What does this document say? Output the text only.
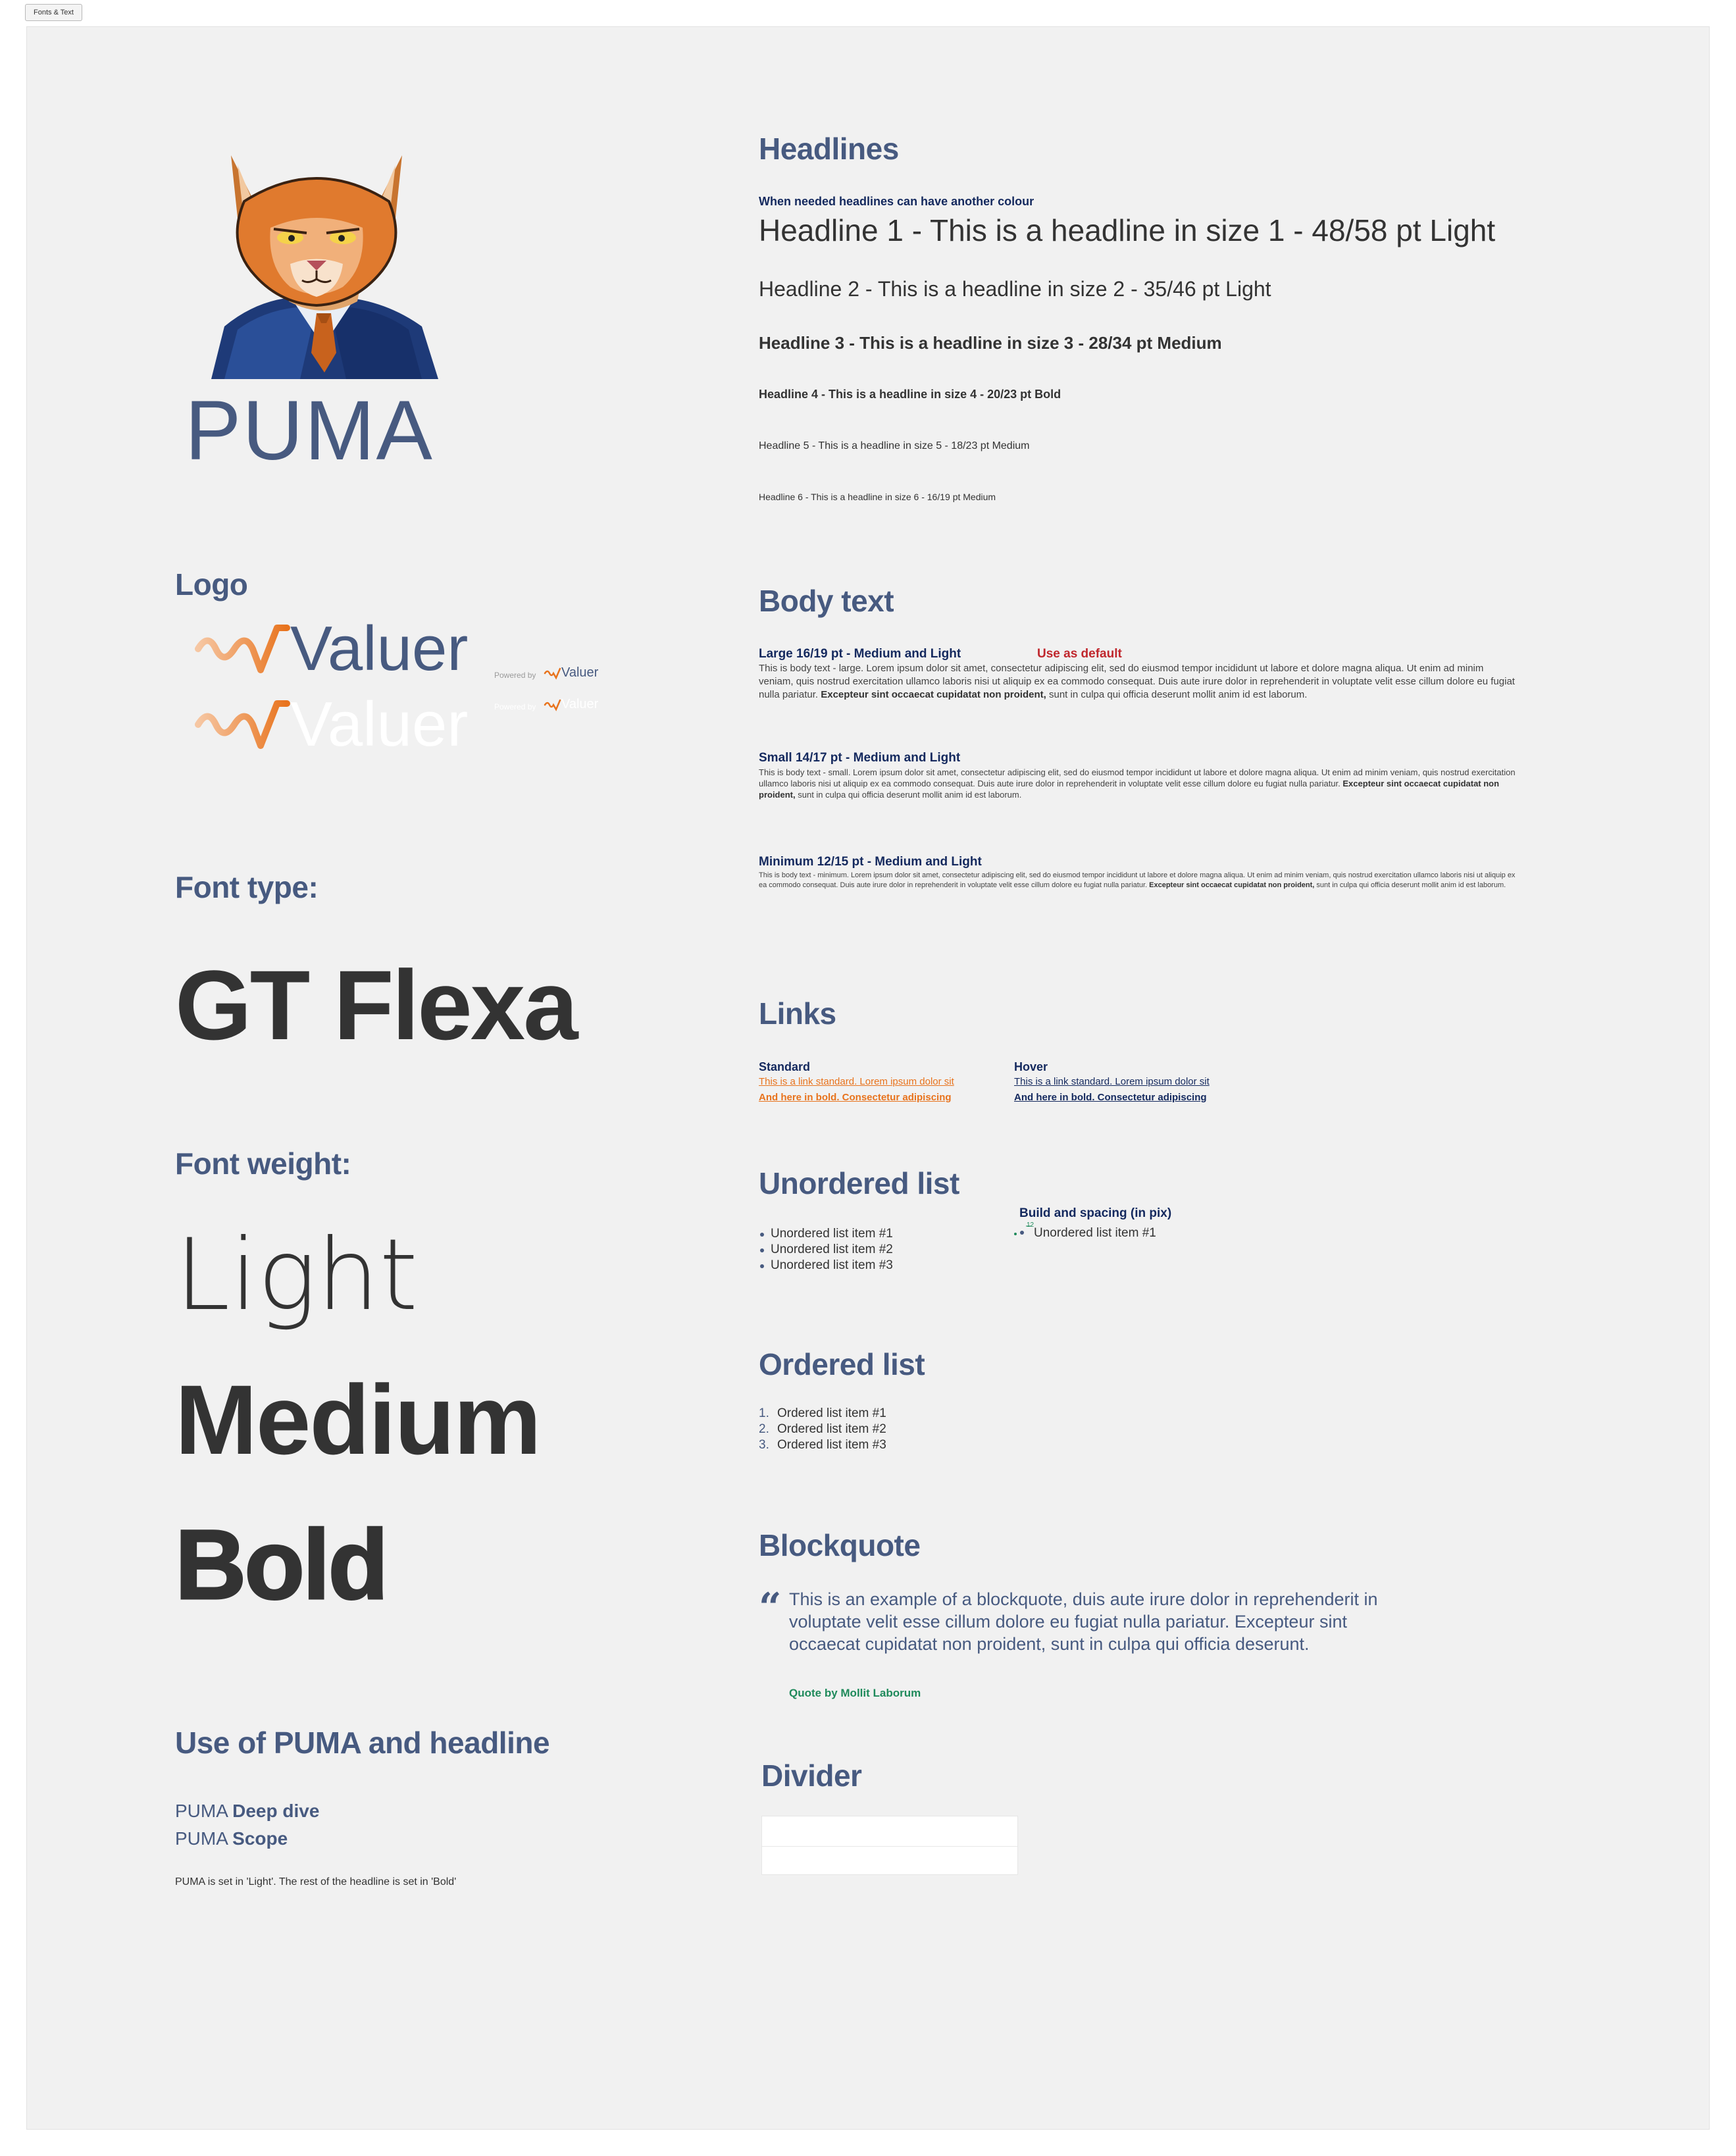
Fonts & Text
PUMA
Logo
Valuer
Valuer
Powered by Valuer
Powered by Valuer
Font type:
GT Flexa
Font weight:
Light
Medium
Bold
Use of PUMA and headline
PUMA Deep dive
PUMA Scope
PUMA is set in 'Light'. The rest of the headline is set in 'Bold'
Headlines
When needed headlines can have another colour
Headline 1 - This is a headline in size 1 - 48/58 pt Light
Headline 2 - This is a headline in size 2 - 35/46 pt Light
Headline 3 - This is a headline in size 3 - 28/34 pt Medium
Headline 4 - This is a headline in size 4 - 20/23 pt Bold
Headline 5 - This is a headline in size 5 - 18/23 pt Medium
Headline 6 - This is a headline in size 6 - 16/19 pt Medium
Body text
Large 16/19 pt - Medium and Light	Use as default
This is body text - large. Lorem ipsum dolor sit amet, consectetur adipiscing elit, sed do eiusmod tempor incididunt ut labore et dolore magna aliqua. Ut enim ad minim veniam, quis nostrud exercitation ullamco laboris nisi ut aliquip ex ea commodo consequat. Duis aute irure dolor in reprehenderit in voluptate velit esse cillum dolore eu fugiat nulla pariatur. Excepteur sint occaecat cupidatat non proident, sunt in culpa qui officia deserunt mollit anim id est laborum.
Small 14/17 pt - Medium and Light
This is body text - small. Lorem ipsum dolor sit amet, consectetur adipiscing elit, sed do eiusmod tempor incididunt ut labore et dolore magna aliqua. Ut enim ad minim veniam, quis nostrud exercitation ullamco laboris nisi ut aliquip ex ea commodo consequat. Duis aute irure dolor in reprehenderit in voluptate velit esse cillum dolore eu fugiat nulla pariatur. Excepteur sint occaecat cupidatat non proident, sunt in culpa qui officia deserunt mollit anim id est laborum.
Minimum 12/15 pt - Medium and Light
This is body text - minimum. Lorem ipsum dolor sit amet, consectetur adipiscing elit, sed do eiusmod tempor incididunt ut labore et dolore magna aliqua. Ut enim ad minim veniam, quis nostrud exercitation ullamco laboris nisi ut aliquip ex ea commodo consequat. Duis aute irure dolor in reprehenderit in voluptate velit esse cillum dolore eu fugiat nulla pariatur. Excepteur sint occaecat cupidatat non proident, sunt in culpa qui officia deserunt mollit anim id est laborum.
Links
Standard
This is a link standard. Lorem ipsum dolor sit
And here in bold. Consectetur adipiscing
Hover
This is a link standard. Lorem ipsum dolor sit
And here in bold. Consectetur adipiscing
Unordered list
Unordered list item #1
Unordered list item #2
Unordered list item #3
Build and spacing (in pix)
12
Unordered list item #1
Ordered list
1. Ordered list item #1
2. Ordered list item #2
3. Ordered list item #3
Blockquote
“ This is an example of a blockquote, duis aute irure dolor in reprehenderit in voluptate velit esse cillum dolore eu fugiat nulla pariatur. Excepteur sint occaecat cupidatat non proident, sunt in culpa qui officia deserunt.
Quote by Mollit Laborum
Divider
